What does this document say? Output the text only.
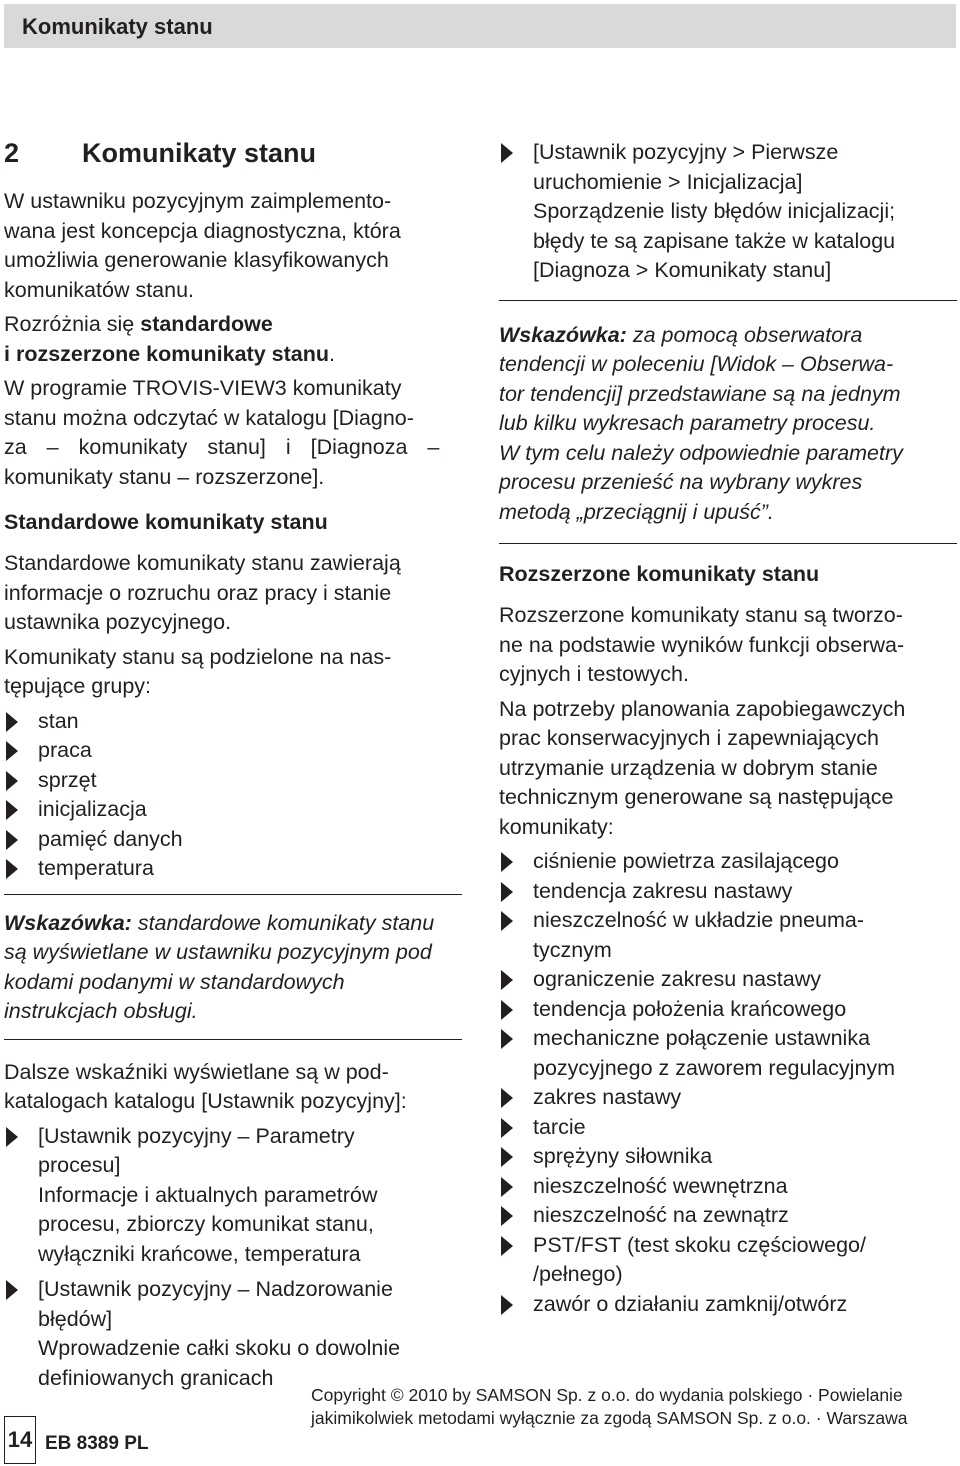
Komunikaty stanu
2	Komunikaty stanu

W ustawniku pozycyjnym zaimplemento-
wana jest koncepcja diagnostyczna, która
umożliwia generowanie klasyfikowanych
komunikatów stanu.

Rozróżnia się standardowe
i rozszerzone komunikaty stanu.

W programie TROVIS-VIEW3 komunikaty
stanu można odczytać w katalogu [Diagno-
za – komunikaty stanu] i [Diagnoza –
komunikaty stanu – rozszerzone].

Standardowe komunikaty stanu

Standardowe komunikaty stanu zawierają
informacje o rozruchu oraz pracy i stanie
ustawnika pozycyjnego.

Komunikaty stanu są podzielone na nas-
tępujące grupy:

stan
praca
sprzęt
inicjalizacja
pamięć danych
temperatura

Wskazówka: standardowe komunikaty stanu są wyświetlane w ustawniku pozycyjnym pod kodami podanymi w standardowych instrukcjach obsługi.

Dalsze wskaźniki wyświetlane są w pod-
katalogach katalogu [Ustawnik pozycyjny]:

[Ustawnik pozycyjny – Parametry
procesu]
Informacje i aktualnych parametrów
procesu, zbiorczy komunikat stanu,
wyłączniki krańcowe, temperatura
[Ustawnik pozycyjny – Nadzorowanie
błędów]
Wprowadzenie całki skoku o dowolnie
definiowanych granicach
[Ustawnik pozycyjny > Pierwsze
uruchomienie > Inicjalizacja]
Sporządzenie listy błędów inicjalizacji;
błędy te są zapisane także w katalogu
[Diagnoza > Komunikaty stanu]

Wskazówka: za pomocą obserwatora
tendencji w poleceniu [Widok – Obserwa-
tor tendencji] przedstawiane są na jednym
lub kilku wykresach parametry procesu.
W tym celu należy odpowiednie parametry
procesu przenieść na wybrany wykres
metodą „przeciągnij i upuść”.

Rozszerzone komunikaty stanu

Rozszerzone komunikaty stanu są tworzo-
ne na podstawie wyników funkcji obserwa-
cyjnych i testowych.

Na potrzeby planowania zapobiegawczych
prac konserwacyjnych i zapewniających
utrzymanie urządzenia w dobrym stanie
technicznym generowane są następujące
komunikaty:

ciśnienie powietrza zasilającego
tendencja zakresu nastawy
nieszczelność w układzie pneuma-
tycznym
ograniczenie zakresu nastawy
tendencja położenia krańcowego
mechaniczne połączenie ustawnika
pozycyjnego z zaworem regulacyjnym
zakres nastawy
tarcie
sprężyny siłownika
nieszczelność wewnętrzna
nieszczelność na zewnątrz
PST/FST (test skoku częściowego/
/pełnego)
zawór o działaniu zamknij/otwórz
Copyright © 2010 by SAMSON Sp. z o.o. do wydania polskiego · Powielanie
jakimikolwiek metodami wyłącznie za zgodą SAMSON Sp. z o.o. · Warszawa
14 EB 8389 PL
